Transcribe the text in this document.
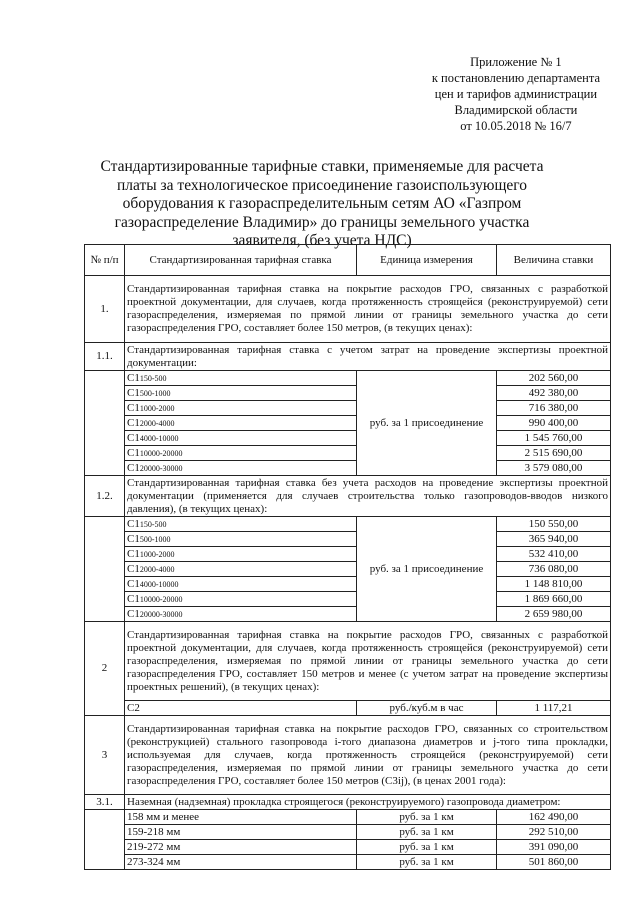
Приложение № 1
к постановлению департамента
цен и тарифов администрации
Владимирской области
от 10.05.2018 № 16/7
Стандартизированные тарифные ставки, применяемые для расчета платы за технологическое присоединение газоиспользующего оборудования к газораспределительным сетям АО «Газпром газораспределение Владимир» до границы земельного участка заявителя, (без учета НДС)
№ п/п	Стандартизированная тарифная ставка	Единица измерения	Величина ставки
1.	Стандартизированная тарифная ставка на покрытие расходов ГРО, связанных с разработкой проектной документации, для случаев, когда протяженность строящейся (реконструируемой) сети газораспределения, измеряемая по прямой линии от границы земельного участка до сети газораспределения ГРО, составляет более 150 метров, (в текущих ценах):		
1.1.	Стандартизированная тарифная ставка с учетом затрат на проведение экспертизы проектной документации:		
	C1150-500	руб. за 1 присоединение	202 560,00
	C1500-1000		492 380,00
	C11000-2000		716 380,00
	C12000-4000		990 400,00
	C14000-10000		1 545 760,00
	C110000-20000		2 515 690,00
	C120000-30000		3 579 080,00
1.2.	Стандартизированная тарифная ставка без учета расходов на проведение экспертизы проектной документации (применяется для случаев строительства только газопроводов-вводов низкого давления), (в текущих ценах):		
	C1150-500	руб. за 1 присоединение	150 550,00
	C1500-1000		365 940,00
	C11000-2000		532 410,00
	C12000-4000		736 080,00
	C14000-10000		1 148 810,00
	C110000-20000		1 869 660,00
	C120000-30000		2 659 980,00
2	Стандартизированная тарифная ставка на покрытие расходов ГРО, связанных с разработкой проектной документации, для случаев, когда протяженность строящейся (реконструируемой) сети газораспределения, измеряемая по прямой линии от границы земельного участка до сети газораспределения ГРО, составляет 150 метров и менее (с учетом затрат на проведение экспертизы проектных решений), (в текущих ценах):		
	C2	руб./куб.м в час	1 117,21
3	Стандартизированная тарифная ставка на покрытие расходов ГРО, связанных со строительством (реконструкцией) стального газопровода i-того диапазона диаметров и j-того типа прокладки, используемая для случаев, когда протяженность строящейся (реконструируемой) сети газораспределения, измеряемая по прямой линии от границы земельного участка до сети газораспределения ГРО, составляет более 150 метров (C3ij), (в ценах 2001 года):		
3.1.	Наземная (надземная) прокладка строящегося (реконструируемого) газопровода диаметром:		
	158 мм и менее	руб. за 1 км	162 490,00
	159-218 мм	руб. за 1 км	292 510,00
	219-272 мм	руб. за 1 км	391 090,00
	273-324 мм	руб. за 1 км	501 860,00
